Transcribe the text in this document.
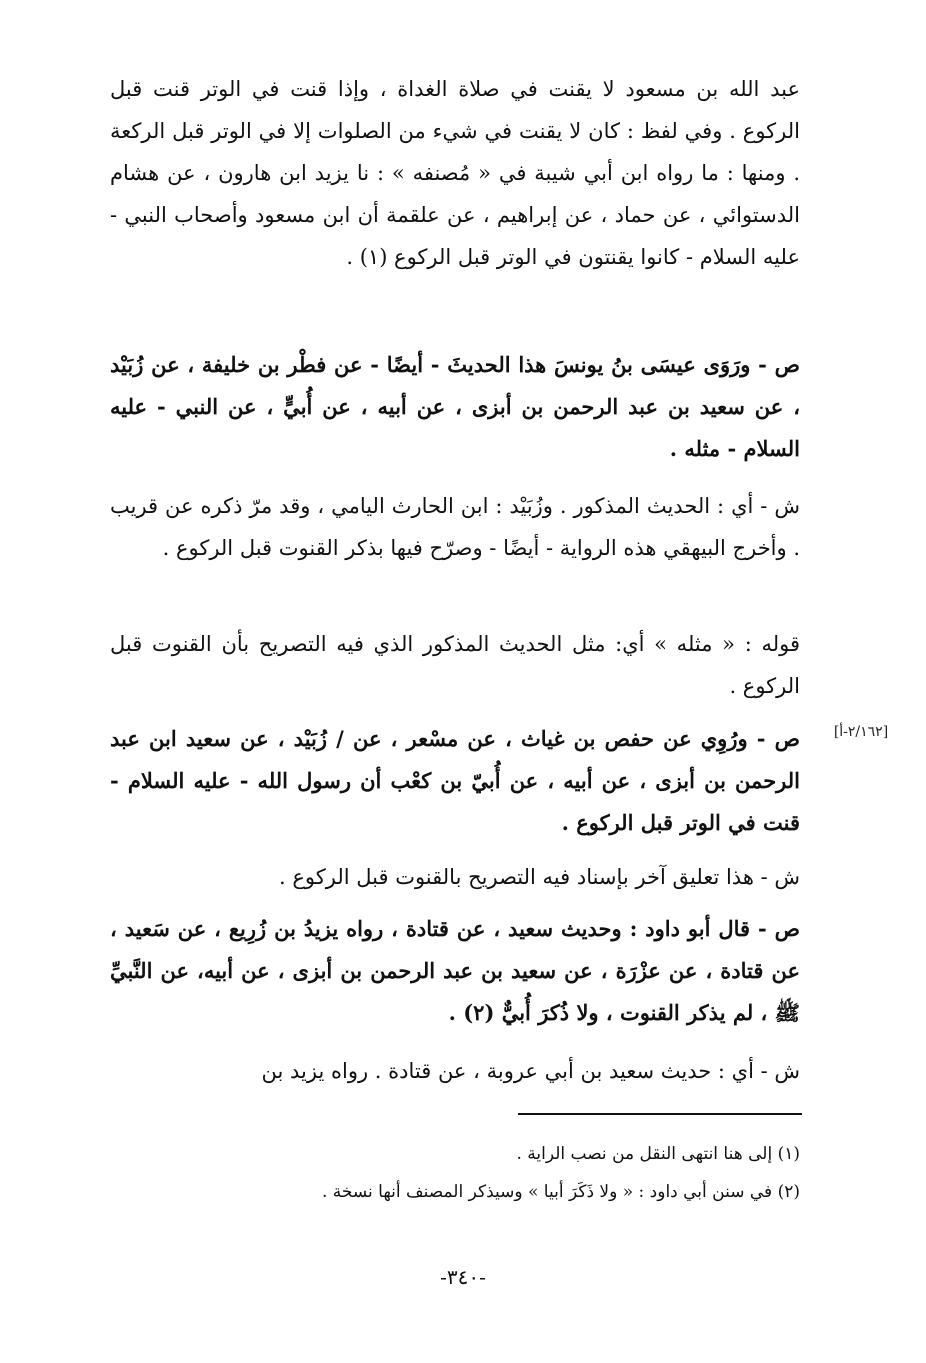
عبد الله بن مسعود لا يقنت في صلاة الغداة ، وإذا قنت في الوتر قنت قبل الركوع . وفي لفظ : كان لا يقنت في شيء من الصلوات إلا في الوتر قبل الركعة . ومنها : ما رواه ابن أبي شيبة في « مُصنفه » : نا يزيد ابن هارون ، عن هشام الدستوائي ، عن حماد ، عن إبراهيم ، عن علقمة أن ابن مسعود وأصحاب النبي - عليه السلام - كانوا يقنتون في الوتر قبل الركوع (١) .

ص - ورَوَى عيسَى بنُ يونسَ هذا الحديثَ - أيضًا - عن فطْر بن خليفة ، عن زُبَيْد ، عن سعيد بن عبد الرحمن بن أبزى ، عن أبيه ، عن أُبيٍّ ، عن النبي - عليه السلام - مثله .

ش - أي : الحديث المذكور . وزُبَيْد : ابن الحارث اليامي ، وقد مرّ ذكره عن قريب . وأخرج البيهقي هذه الرواية - أيضًا - وصرّح فيها بذكر القنوت قبل الركوع .

قوله : « مثله » أي: مثل الحديث المذكور الذي فيه التصريح بأن القنوت قبل الركوع .

[٢/١٦٢-أ]

ص - ورُوِي عن حفص بن غياث ، عن مسْعر ، عن / زُبَيْد ، عن سعيد ابن عبد الرحمن بن أبزى ، عن أبيه ، عن أُبيّ بن كعْب أن رسول الله - عليه السلام - قنت في الوتر قبل الركوع .

ش - هذا تعليق آخر بإسناد فيه التصريح بالقنوت قبل الركوع .

ص - قال أبو داود : وحديث سعيد ، عن قتادة ، رواه يزيدُ بن زُرِيع ، عن سَعيد ، عن قتادة ، عن عزْرَة ، عن سعيد بن عبد الرحمن بن أبزى ، عن أبيه، عن النَّبيِّ ﷺ ، لم يذكر القنوت ، ولا ذُكرَ أُبيٌّ (٢) .

ش - أي : حديث سعيد بن أبي عروبة ، عن قتادة . رواه يزيد بن

(١) إلى هنا انتهى النقل من نصب الراية .

(٢) في سنن أبي داود : « ولا ذَكَرَ أبيا » وسيذكر المصنف أنها نسخة .

-٣٤٠-
